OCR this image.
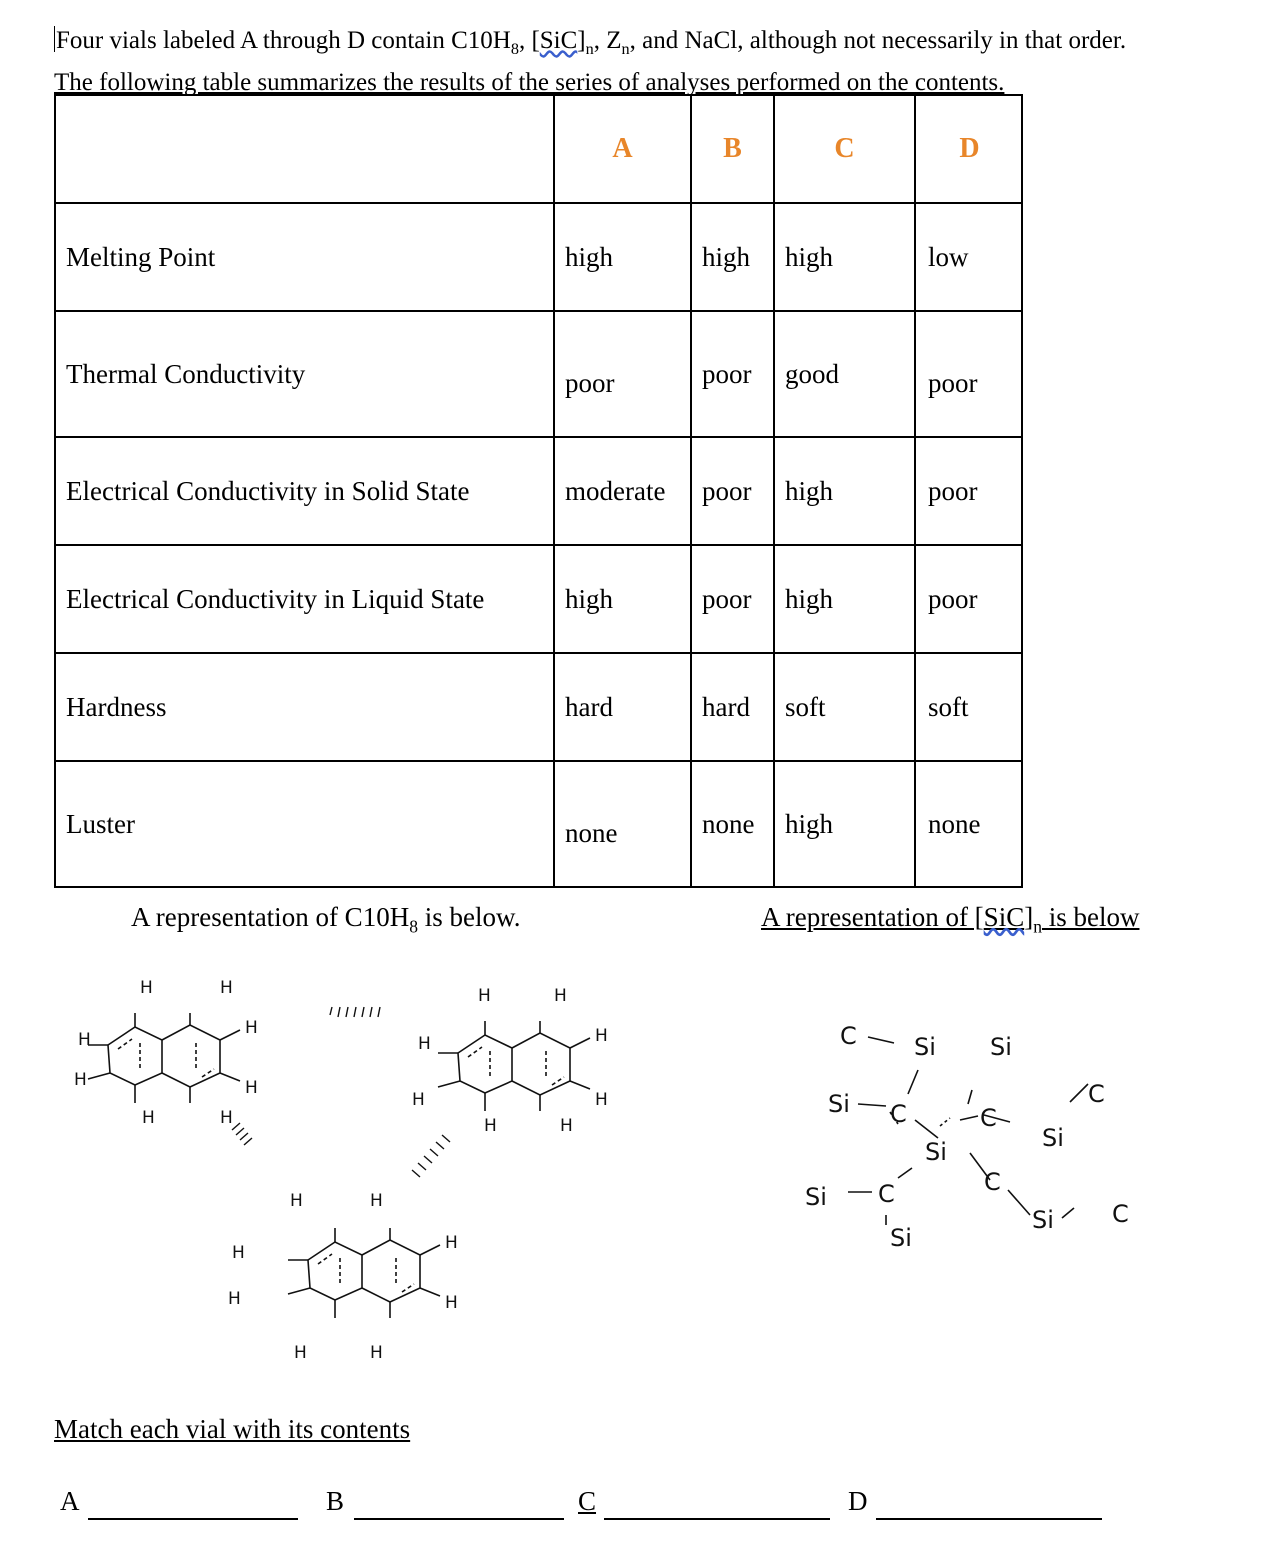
Four vials labeled A through D contain $C10H_8$, $[SiC]_n$, $Z_n$, and NaCl, although not necessarily in that order.
The following table summarizes the results of the series of analyses performed on the contents.
	A	B	C	D
Melting Point	high	high	high	low
Thermal Conductivity	poor	poor	good	poor
Electrical Conductivity in Solid State	moderate	poor	high	poor
Electrical Conductivity in Liquid State	high	poor	high	poor
Hardness	hard	hard	soft	soft
Luster	none	none	high	none
A representation of $C10H_8$ is below.	A representation of $[SiC]_n$ is below
H	H
H
H
H
H
H	H
H	H
H
H
H
H
H	H
H	H
H
H
H
H
H	H
C Si Si
Si C	C
C
Si
Si
C
Si C
Si
Si C
Match each vial with its contents
A	B	C	D
